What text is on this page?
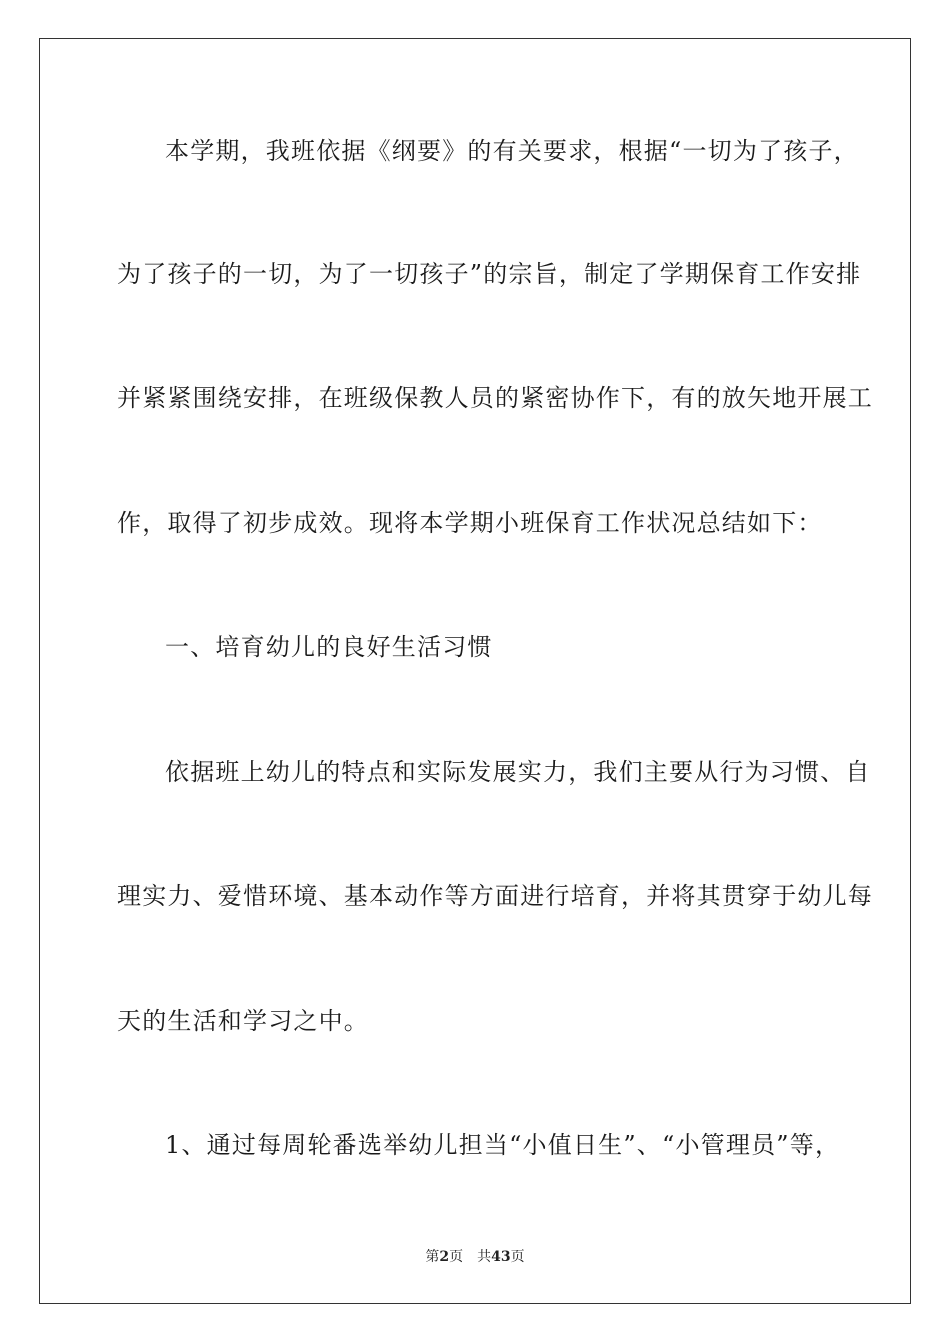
本学期，我班依据《纲要》的有关要求，根据“一切为了孩子，
为了孩子的一切，为了一切孩子”的宗旨，制定了学期保育工作安排
并紧紧围绕安排，在班级保教人员的紧密协作下，有的放矢地开展工
作，取得了初步成效。现将本学期小班保育工作状况总结如下：
一、培育幼儿的良好生活习惯
依据班上幼儿的特点和实际发展实力，我们主要从行为习惯、自
理实力、爱惜环境、基本动作等方面进行培育，并将其贯穿于幼儿每
天的生活和学习之中。
1、通过每周轮番选举幼儿担当“小值日生”、“小管理员”等，
第2页 共43页
